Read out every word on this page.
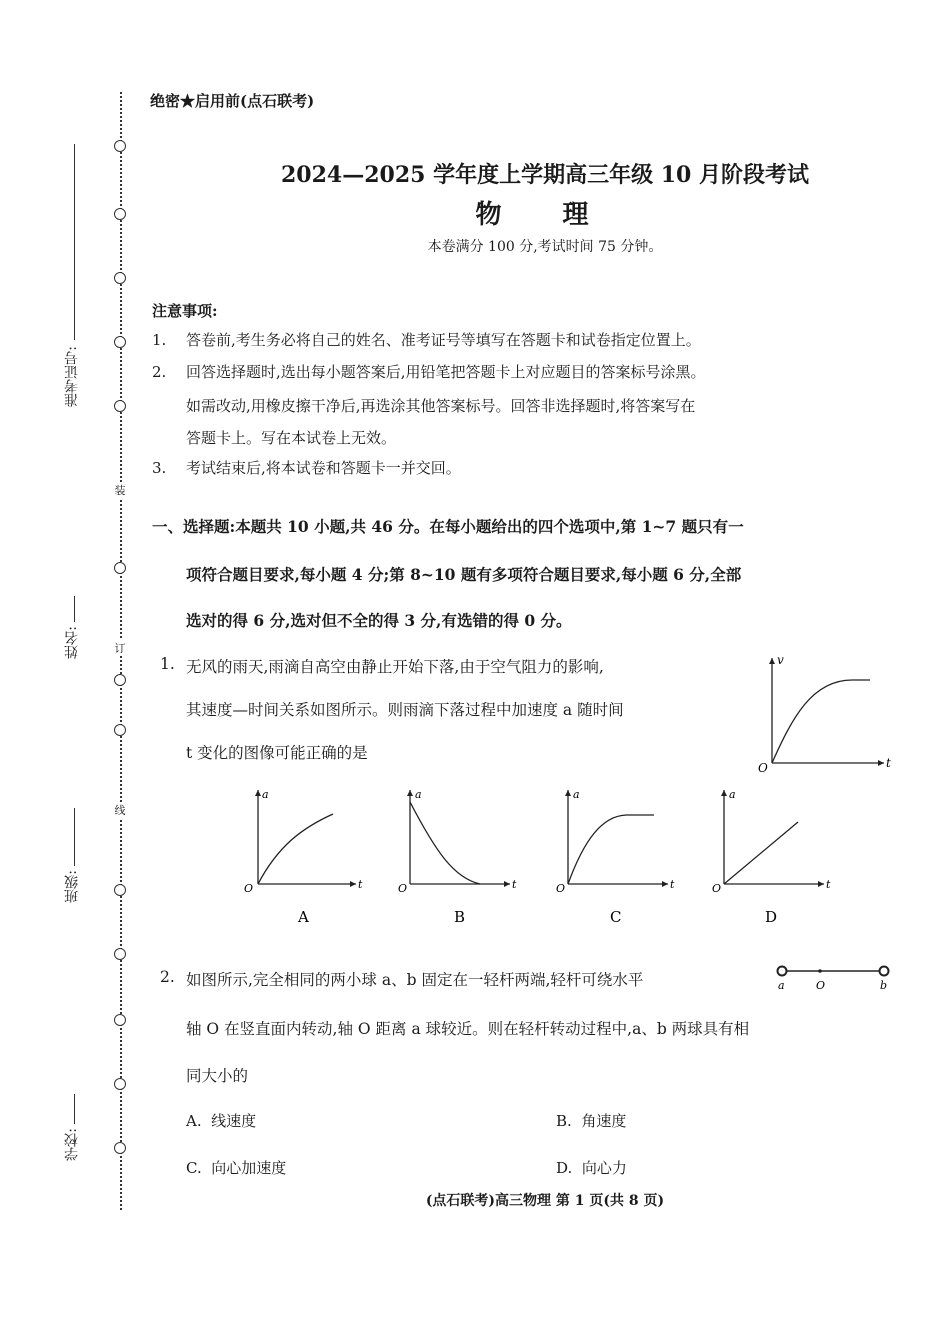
装
订
线
准考证号:
姓名:
班级:
学校:
绝密★启用前(点石联考)
2024—2025 学年度上学期高三年级 10 月阶段考试
物 理
本卷满分 100 分,考试时间 75 分钟。
注意事项:
1. 答卷前,考生务必将自己的姓名、准考证号等填写在答题卡和试卷指定位置上。
2. 回答选择题时,选出每小题答案后,用铅笔把答题卡上对应题目的答案标号涂黑。
如需改动,用橡皮擦干净后,再选涂其他答案标号。回答非选择题时,将答案写在
答题卡上。写在本试卷上无效。
3. 考试结束后,将本试卷和答题卡一并交回。
一、选择题:本题共 10 小题,共 46 分。在每小题给出的四个选项中,第 1~7 题只有一
项符合题目要求,每小题 4 分;第 8~10 题有多项符合题目要求,每小题 6 分,全部
选对的得 6 分,选对但不全的得 3 分,有选错的得 0 分。
1. 无风的雨天,雨滴自高空由静止开始下落,由于空气阻力的影响,
其速度—时间关系如图所示。则雨滴下落过程中加速度 a 随时间
t 变化的图像可能正确的是
v
t
O
a
t
O
A
a
t
O
B
a
t
O
C
a
t
O
D
2. 如图所示,完全相同的两小球 a、b 固定在一轻杆两端,轻杆可绕水平
轴 O 在竖直面内转动,轴 O 距离 a 球较近。则在轻杆转动过程中,a、b 两球具有相
同大小的
a	O	b
A. 线速度	B. 角速度
C. 向心加速度	D. 向心力
(点石联考)高三物理 第 1 页(共 8 页)
